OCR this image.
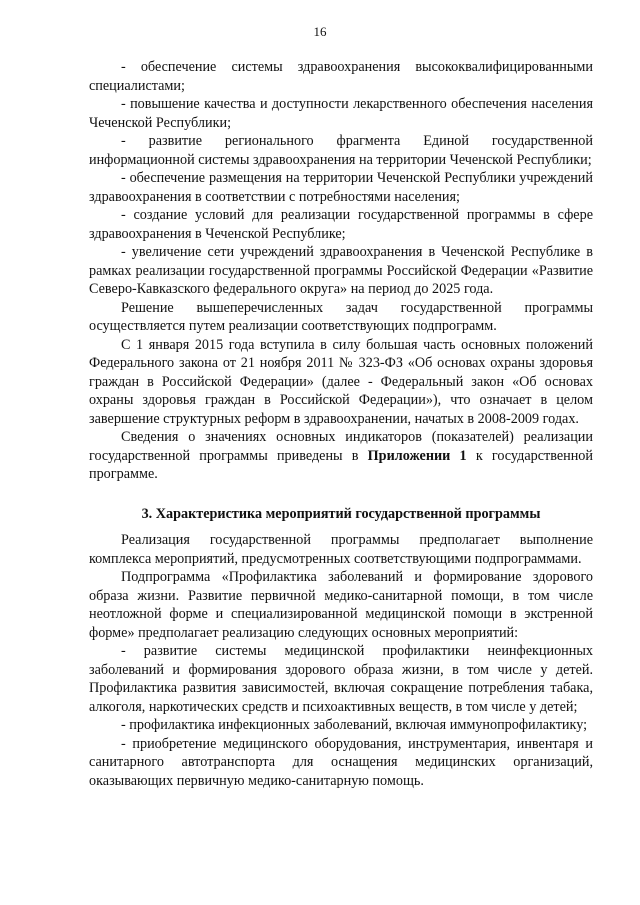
16

- обеспечение системы здравоохранения высококвалифицированными специалистами;

- повышение качества и доступности лекарственного обеспечения населения Чеченской Республики;

- развитие регионального фрагмента Единой государственной информационной системы здравоохранения на территории Чеченской Республики;

- обеспечение размещения на территории Чеченской Республики учреждений здравоохранения в соответствии с потребностями населения;

- создание условий для реализации государственной программы в сфере здравоохранения в Чеченской Республике;

- увеличение сети учреждений здравоохранения в Чеченской Республике в рамках реализации государственной программы Российской Федерации «Развитие Северо-Кавказского федерального округа» на период до 2025 года.

Решение вышеперечисленных задач государственной программы осуществляется путем реализации соответствующих подпрограмм.

С 1 января 2015 года вступила в силу большая часть основных положений Федерального закона от 21 ноября 2011 № 323-ФЗ «Об основах охраны здоровья граждан в Российской Федерации» (далее - Федеральный закон «Об основах охраны здоровья граждан в Российской Федерации»), что означает в целом завершение структурных реформ в здравоохранении, начатых в 2008-2009 годах.

Сведения о значениях основных индикаторов (показателей) реализации государственной программы приведены в Приложении 1 к государственной программе.

3. Характеристика мероприятий государственной программы

Реализация государственной программы предполагает выполнение комплекса мероприятий, предусмотренных соответствующими подпрограммами.

Подпрограмма «Профилактика заболеваний и формирование здорового образа жизни. Развитие первичной медико-санитарной помощи, в том числе неотложной форме и специализированной медицинской помощи в экстренной форме» предполагает реализацию следующих основных мероприятий:

- развитие системы медицинской профилактики неинфекционных заболеваний и формирования здорового образа жизни, в том числе у детей. Профилактика развития зависимостей, включая сокращение потребления табака, алкоголя, наркотических средств и психоактивных веществ, в том числе у детей;

- профилактика инфекционных заболеваний, включая иммунопрофилактику;

- приобретение медицинского оборудования, инструментария, инвентаря и санитарного автотранспорта для оснащения медицинских организаций, оказывающих первичную медико-санитарную помощь.
